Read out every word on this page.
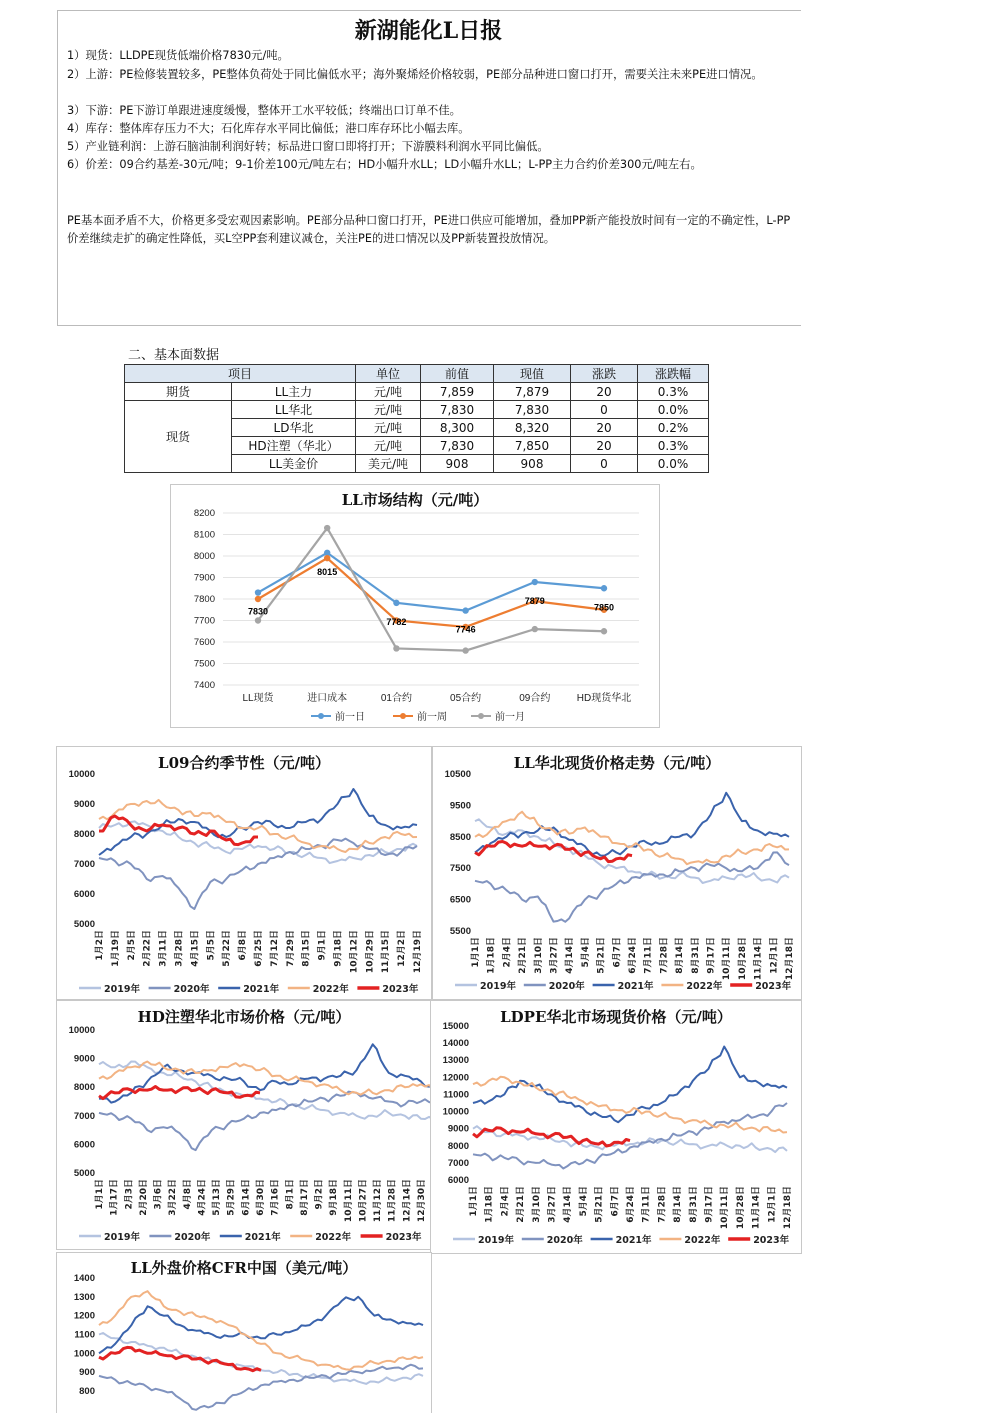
新湖能化L日报

1）现货：LLDPE现货低端价格7830元/吨。

2）上游：PE检修装置较多，PE整体负荷处于同比偏低水平；海外聚烯烃价格较弱，PE部分品种进口窗口打开，需要关注未来PE进口情况。

3）下游：PE下游订单跟进速度缓慢，整体开工水平较低；终端出口订单不佳。

4）库存：整体库存压力不大；石化库存水平同比偏低；港口库存环比小幅去库。

5）产业链利润：上游石脑油制利润好转；标品进口窗口即将打开；下游膜料利润水平同比偏低。

6）价差：09合约基差-30元/吨；9-1价差100元/吨左右；HD小幅升水LL；LD小幅升水LL；L-PP主力合约价差300元/吨左右。

PE基本面矛盾不大，价格更多受宏观因素影响。PE部分品种口窗口打开，PE进口供应可能增加，叠加PP新产能投放时间有一定的不确定性，L-PP价差继续走扩的确定性降低，买L空PP套利建议减仓，关注PE的进口情况以及PP新装置投放情况。

二、基本面数据
项目		单位	前值	现值	涨跌	涨跌幅
期货	LL主力	元/吨	7,859	7,879	20	0.3%
现货	LL华北	元/吨	7,830	7,830	0	0.0%
	LD华北	元/吨	8,300	8,320	20	0.2%
	HD注塑（华北）	元/吨	7,830	7,850	20	0.3%
	LL美金价	美元/吨	908	908	0	0.0%
LL市场结构（元/吨）
8200
8100
8000
7900
7800
7700
7600
7500
7400
LL现货	进口成本	01合约	05合约	09合约	HD现货华北
7830
8015
7782
7746
7879
7850
前一日	前一周	前一月
L09合约季节性（元/吨）
10000
9000
8000
7000
6000
5000
1月2日 1月19日 2月5日 2月22日 3月11日 3月28日 4月15日 5月5日 5月22日 6月8日 6月25日 7月12日 7月29日 8月15日 9月1日 9月18日 10月12日 10月29日 11月15日 12月2日 12月19日
2019年	2020年	2021年	2022年	2023年
LL华北现货价格走势（元/吨）
10500
9500
8500
7500
6500
5500
1月1日 1月18日 2月4日 2月21日 3月10日 3月27日 4月14日 5月4日 5月21日 6月7日 6月24日 7月11日 7月28日 8月14日 8月31日 9月17日 10月11日 10月28日 11月14日 12月1日 12月18日
2019年	2020年	2021年	2022年	2023年
HD注塑华北市场价格（元/吨）
10000
9000
8000
7000
6000
5000
1月1日 1月17日 2月3日 2月20日 3月6日 3月22日 4月8日 4月24日 5月13日 5月29日 6月14日 6月30日 7月16日 8月1日 8月17日 9月2日 9月18日 10月11日 10月27日 11月12日 11月28日 12月14日 12月30日
2019年	2020年	2021年	2022年	2023年
LDPE华北市场现货价格（元/吨）
15000
14000
13000
12000
11000
10000
9000
8000
7000
6000
1月1日 1月18日 2月4日 2月21日 3月10日 3月27日 4月14日 5月4日 5月21日 6月7日 6月24日 7月11日 7月28日 8月14日 8月31日 9月17日 10月11日 10月28日 11月14日 12月1日 12月18日
2019年	2020年	2021年	2022年	2023年
LL外盘价格CFR中国（美元/吨）
1400
1300
1200
1100
1000
900
800
